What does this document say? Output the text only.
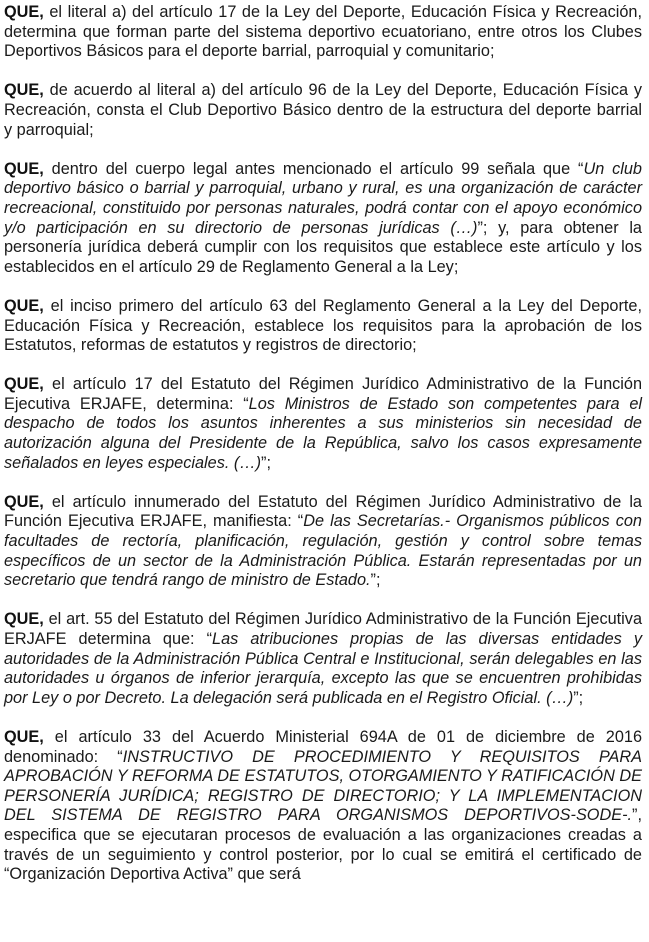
QUE, el literal a) del artículo 17 de la Ley del Deporte, Educación Física y Recreación, determina que forman parte del sistema deportivo ecuatoriano, entre otros los Clubes Deportivos Básicos para el deporte barrial, parroquial y comunitario;

QUE, de acuerdo al literal a) del artículo 96 de la Ley del Deporte, Educación Física y Recreación, consta el Club Deportivo Básico dentro de la estructura del deporte barrial y parroquial;

QUE, dentro del cuerpo legal antes mencionado el artículo 99 señala que “Un club deportivo básico o barrial y parroquial, urbano y rural, es una organización de carácter recreacional, constituido por personas naturales, podrá contar con el apoyo económico y/o participación en su directorio de personas jurídicas (…)”; y, para obtener la personería jurídica deberá cumplir con los requisitos que establece este artículo y los establecidos en el artículo 29 de Reglamento General a la Ley;

QUE, el inciso primero del artículo 63 del Reglamento General a la Ley del Deporte, Educación Física y Recreación, establece los requisitos para la aprobación de los Estatutos, reformas de estatutos y registros de directorio;

QUE, el artículo 17 del Estatuto del Régimen Jurídico Administrativo de la Función Ejecutiva ERJAFE, determina: “Los Ministros de Estado son competentes para el despacho de todos los asuntos inherentes a sus ministerios sin necesidad de autorización alguna del Presidente de la República, salvo los casos expresamente señalados en leyes especiales. (…)”;

QUE, el artículo innumerado del Estatuto del Régimen Jurídico Administrativo de la Función Ejecutiva ERJAFE, manifiesta: “De las Secretarías.- Organismos públicos con facultades de rectoría, planificación, regulación, gestión y control sobre temas específicos de un sector de la Administración Pública. Estarán representadas por un secretario que tendrá rango de ministro de Estado.”;

QUE, el art. 55 del Estatuto del Régimen Jurídico Administrativo de la Función Ejecutiva ERJAFE determina que: “Las atribuciones propias de las diversas entidades y autoridades de la Administración Pública Central e Institucional, serán delegables en las autoridades u órganos de inferior jerarquía, excepto las que se encuentren prohibidas por Ley o por Decreto. La delegación será publicada en el Registro Oficial. (…)”;

QUE, el artículo 33 del Acuerdo Ministerial 694A de 01 de diciembre de 2016 denominado: “INSTRUCTIVO DE PROCEDIMIENTO Y REQUISITOS PARA APROBACIÓN Y REFORMA DE ESTATUTOS, OTORGAMIENTO Y RATIFICACIÓN DE PERSONERÍA JURÍDICA; REGISTRO DE DIRECTORIO; Y LA IMPLEMENTACION DEL SISTEMA DE REGISTRO PARA ORGANISMOS DEPORTIVOS-SODE-.”, especifica que se ejecutaran procesos de evaluación a las organizaciones creadas a través de un seguimiento y control posterior, por lo cual se emitirá el certificado de “Organización Deportiva Activa” que será
